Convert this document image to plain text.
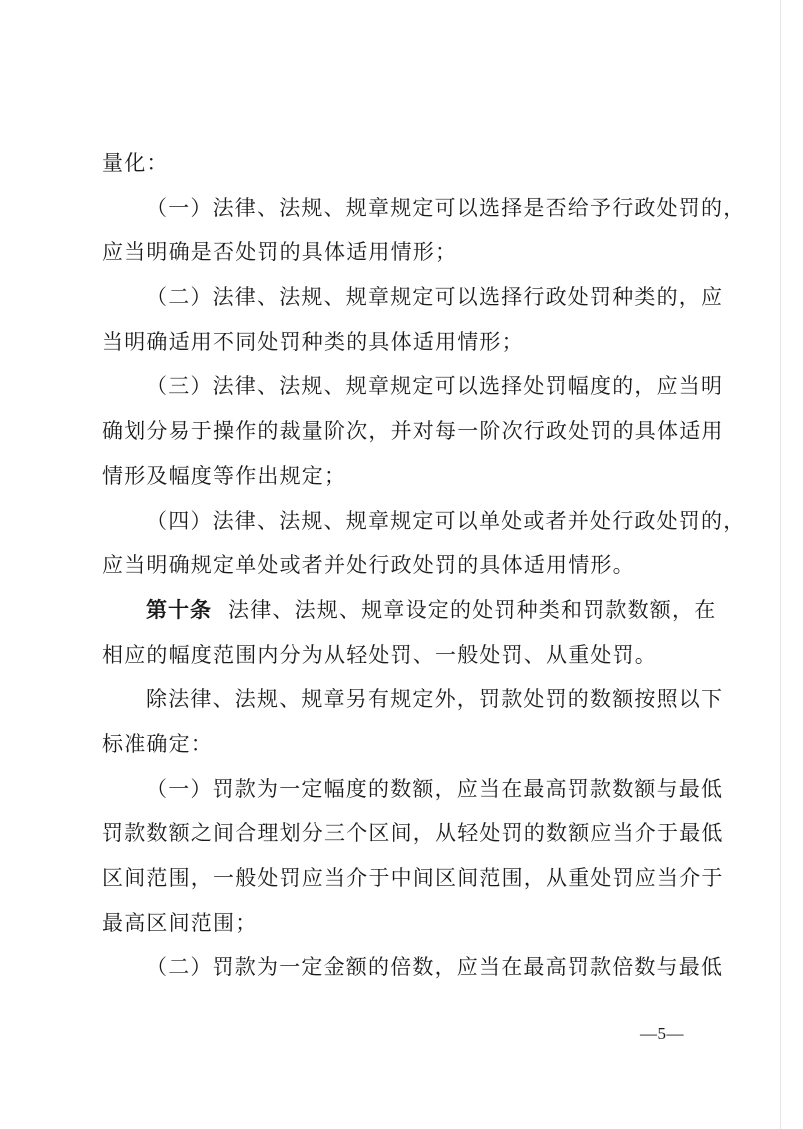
量化：
（一）法律、法规、规章规定可以选择是否给予行政处罚的，
应当明确是否处罚的具体适用情形；
（二）法律、法规、规章规定可以选择行政处罚种类的，应
当明确适用不同处罚种类的具体适用情形；
（三）法律、法规、规章规定可以选择处罚幅度的，应当明
确划分易于操作的裁量阶次，并对每一阶次行政处罚的具体适用
情形及幅度等作出规定；
（四）法律、法规、规章规定可以单处或者并处行政处罚的，
应当明确规定单处或者并处行政处罚的具体适用情形。
第十条 法律、法规、规章设定的处罚种类和罚款数额，在
相应的幅度范围内分为从轻处罚、一般处罚、从重处罚。
除法律、法规、规章另有规定外，罚款处罚的数额按照以下
标准确定：
（一）罚款为一定幅度的数额，应当在最高罚款数额与最低
罚款数额之间合理划分三个区间，从轻处罚的数额应当介于最低
区间范围，一般处罚应当介于中间区间范围，从重处罚应当介于
最高区间范围；
（二）罚款为一定金额的倍数，应当在最高罚款倍数与最低
—5—
